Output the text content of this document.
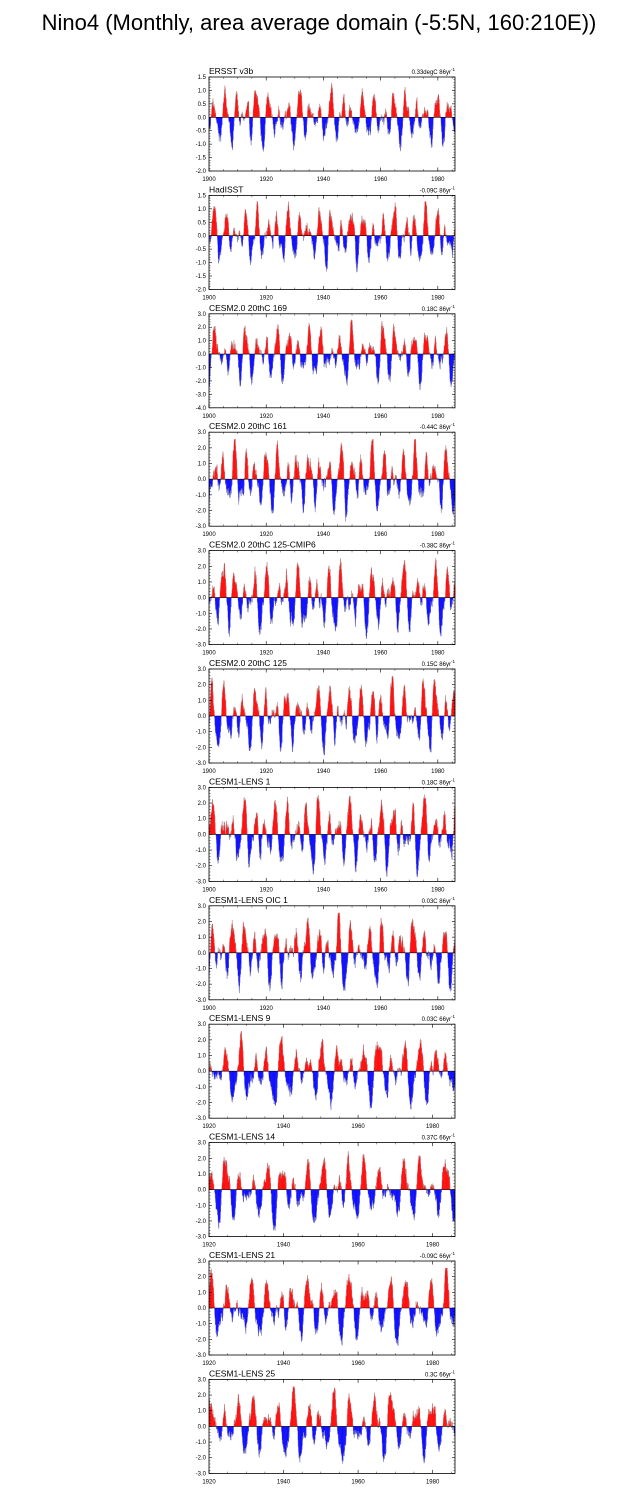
Nino4 (Monthly, area average domain (-5:5N, 160:210E))
ERSST v3b	0.33degC $86yr^{-1}$
1.5
1.0
0.5
0.0
-0.5
-1.0
-1.5
-2.0
1900	1920	1940	1960	1980
HadISST	-0.09C $86yr^{-1}$
1.5
1.0
0.5
0.0
-0.5
-1.0
-1.5
-2.0
1900	1920	1940	1960	1980
CESM2.0 20thC 169	0.18C $86yr^{-1}$
3.0
2.0
1.0
0.0
-1.0
-2.0
-3.0
-4.0
1900	1920	1940	1960	1980
CESM2.0 20thC 161	-0.44C $86yr^{-1}$
3.0
2.0
1.0
0.0
-1.0
-2.0
-3.0
1900	1920	1940	1960	1980
CESM2.0 20thC 125-CMIP6	-0.38C $86yr^{-1}$
3.0
2.0
1.0
0.0
-1.0
-2.0
-3.0
1900	1920	1940	1960	1980
CESM2.0 20thC 125	0.15C $86yr^{-1}$
3.0
2.0
1.0
0.0
-1.0
-2.0
-3.0
1900	1920	1940	1960	1980
CESM1-LENS 1	0.18C $86yr^{-1}$
3.0
2.0
1.0
0.0
-1.0
-2.0
-3.0
1900	1920	1940	1960	1980
CESM1-LENS OIC 1	0.03C $86yr^{-1}$
3.0
2.0
1.0
0.0
-1.0
-2.0
-3.0
1900	1920	1940	1960	1980
CESM1-LENS 9	0.03C $66yr^{-1}$
3.0
2.0
1.0
0.0
-1.0
-2.0
-3.0
1920	1940	1960	1980
CESM1-LENS 14	0.37C $66yr^{-1}$
3.0
2.0
1.0
0.0
-1.0
-2.0
-3.0
1920	1940	1960	1980
CESM1-LENS 21	-0.09C $66yr^{-1}$
3.0
2.0
1.0
0.0
-1.0
-2.0
-3.0
1920	1940	1960	1980
CESM1-LENS 25	0.3C $66yr^{-1}$
3.0
2.0
1.0
0.0
-1.0
-2.0
-3.0
1920	1940	1960	1980
